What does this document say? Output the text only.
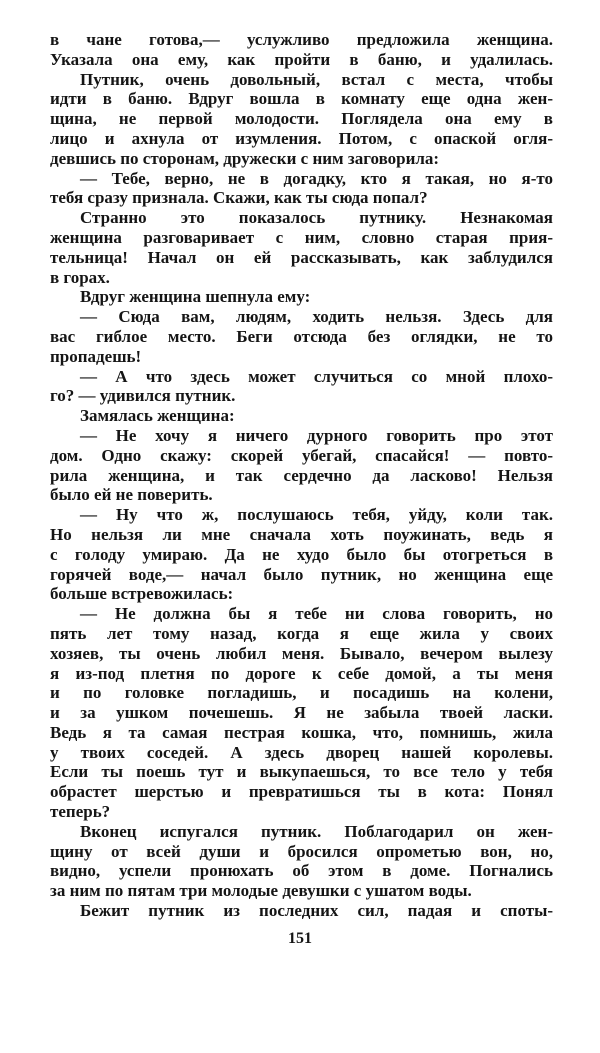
в чане готова,— услужливо предложила женщина.
Указала она ему, как пройти в баню, и удалилась.
Путник, очень довольный, встал с места, чтобы
идти в баню. Вдруг вошла в комнату еще одна жен-
щина, не первой молодости. Поглядела она ему в
лицо и ахнула от изумления. Потом, с опаской огля-
девшись по сторонам, дружески с ним заговорила:
— Тебе, верно, не в догадку, кто я такая, но я-то
тебя сразу признала. Скажи, как ты сюда попал?
Странно это показалось путнику. Незнакомая
женщина разговаривает с ним, словно старая прия-
тельница! Начал он ей рассказывать, как заблудился
в горах.
Вдруг женщина шепнула ему:
— Сюда вам, людям, ходить нельзя. Здесь для
вас гиблое место. Беги отсюда без оглядки, не то
пропадешь!
— А что здесь может случиться со мной плохо-
го? — удивился путник.
Замялась женщина:
— Не хочу я ничего дурного говорить про этот
дом. Одно скажу: скорей убегай, спасайся! — повто-
рила женщина, и так сердечно да ласково! Нельзя
было ей не поверить.
— Ну что ж, послушаюсь тебя, уйду, коли так.
Но нельзя ли мне сначала хоть поужинать, ведь я
с голоду умираю. Да не худо было бы отогреться в
горячей воде,— начал было путник, но женщина еще
больше встревожилась:
— Не должна бы я тебе ни слова говорить, но
пять лет тому назад, когда я еще жила у своих
хозяев, ты очень любил меня. Бывало, вечером вылезу
я из-под плетня по дороге к себе домой, а ты меня
и по головке погладишь, и посадишь на колени,
и за ушком почешешь. Я не забыла твоей ласки.
Ведь я та самая пестрая кошка, что, помнишь, жила
у твоих соседей. А здесь дворец нашей королевы.
Если ты поешь тут и выкупаешься, то все тело у тебя
обрастет шерстью и превратишься ты в кота: Понял
теперь?
Вконец испугался путник. Поблагодарил он жен-
щину от всей души и бросился опрометью вон, но,
видно, успели пронюхать об этом в доме. Погнались
за ним по пятам три молодые девушки с ушатом воды.
Бежит путник из последних сил, падая и споты-
151
